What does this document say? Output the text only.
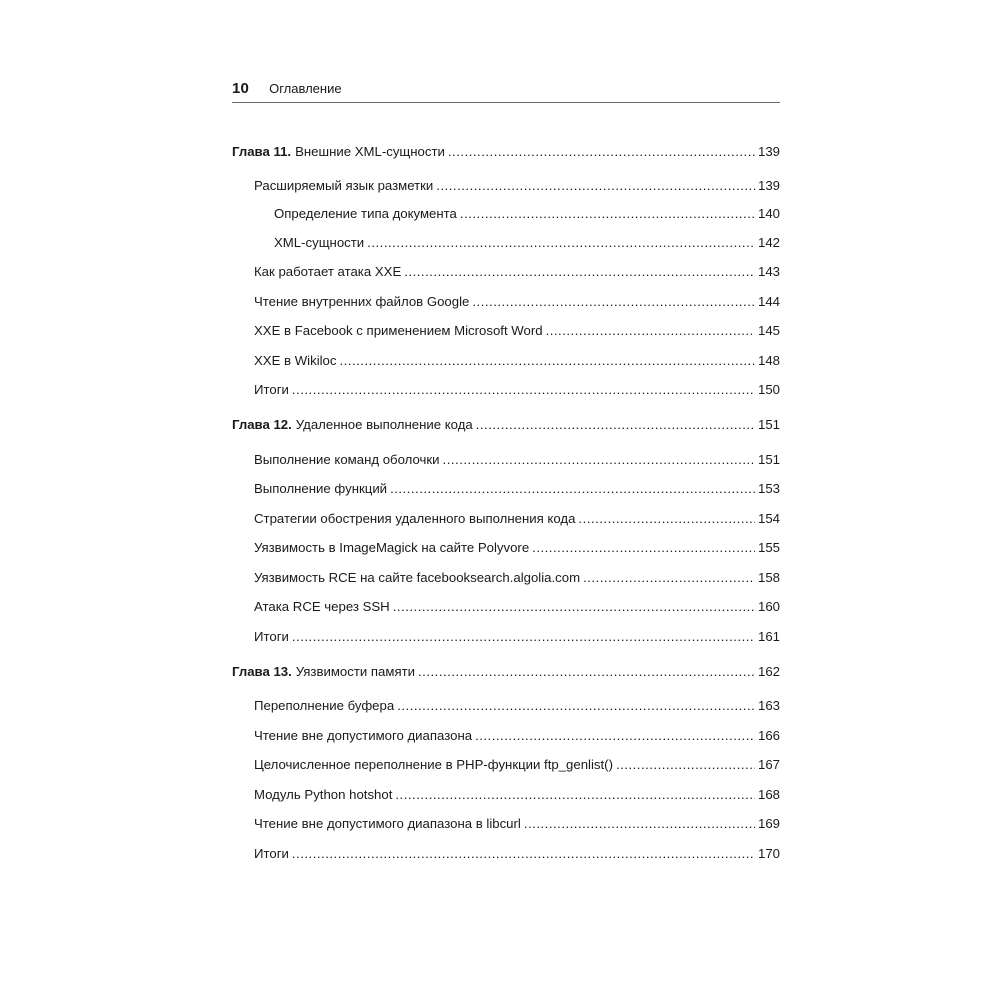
10 Оглавление
Глава 11. Внешние XML-сущности .....	139
Расширяемый язык разметки .....	139
Определение типа документа .....	140
XML-сущности .....	142
Как работает атака XXE .....	143
Чтение внутренних файлов Google .....	144
XXE в Facebook с применением Microsoft Word .....	145
XXE в Wikiloc .....	148
Итоги .....	150
Глава 12. Удаленное выполнение кода .....	151
Выполнение команд оболочки .....	151
Выполнение функций .....	153
Стратегии обострения удаленного выполнения кода .....	154
Уязвимость в ImageMagick на сайте Polyvore .....	155
Уязвимость RCE на сайте facebooksearch.algolia.com .....	158
Атака RCE через SSH .....	160
Итоги .....	161
Глава 13. Уязвимости памяти .....	162
Переполнение буфера .....	163
Чтение вне допустимого диапазона .....	166
Целочисленное переполнение в PHP-функции ftp_genlist() .....	167
Модуль Python hotshot .....	168
Чтение вне допустимого диапазона в libcurl .....	169
Итоги .....	170
